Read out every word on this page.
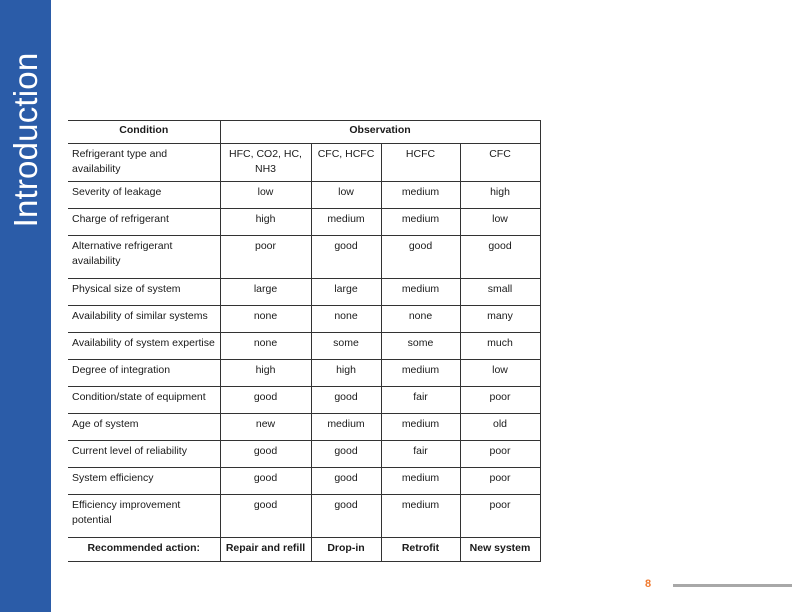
Introduction	Condition	Observation			
Refrigerant type and availability	HFC, CO2, HC, NH3	CFC, HCFC	HCFC	CFC
Severity of leakage	low	low	medium	high
Charge of refrigerant	high	medium	medium	low
Alternative refrigerant availability	poor	good	good	good
Physical size of system	large	large	medium	small
Availability of similar systems	none	none	none	many
Availability of system expertise	none	some	some	much
Degree of integration	high	high	medium	low
Condition/state of equipment	good	good	fair	poor
Age of system	new	medium	medium	old
Current level of reliability	good	good	fair	poor
System efficiency	good	good	medium	poor
Efficiency improvement potential	good	good	medium	poor
Recommended action:	Repair and refill	Drop-in	Retrofit	New system
8
